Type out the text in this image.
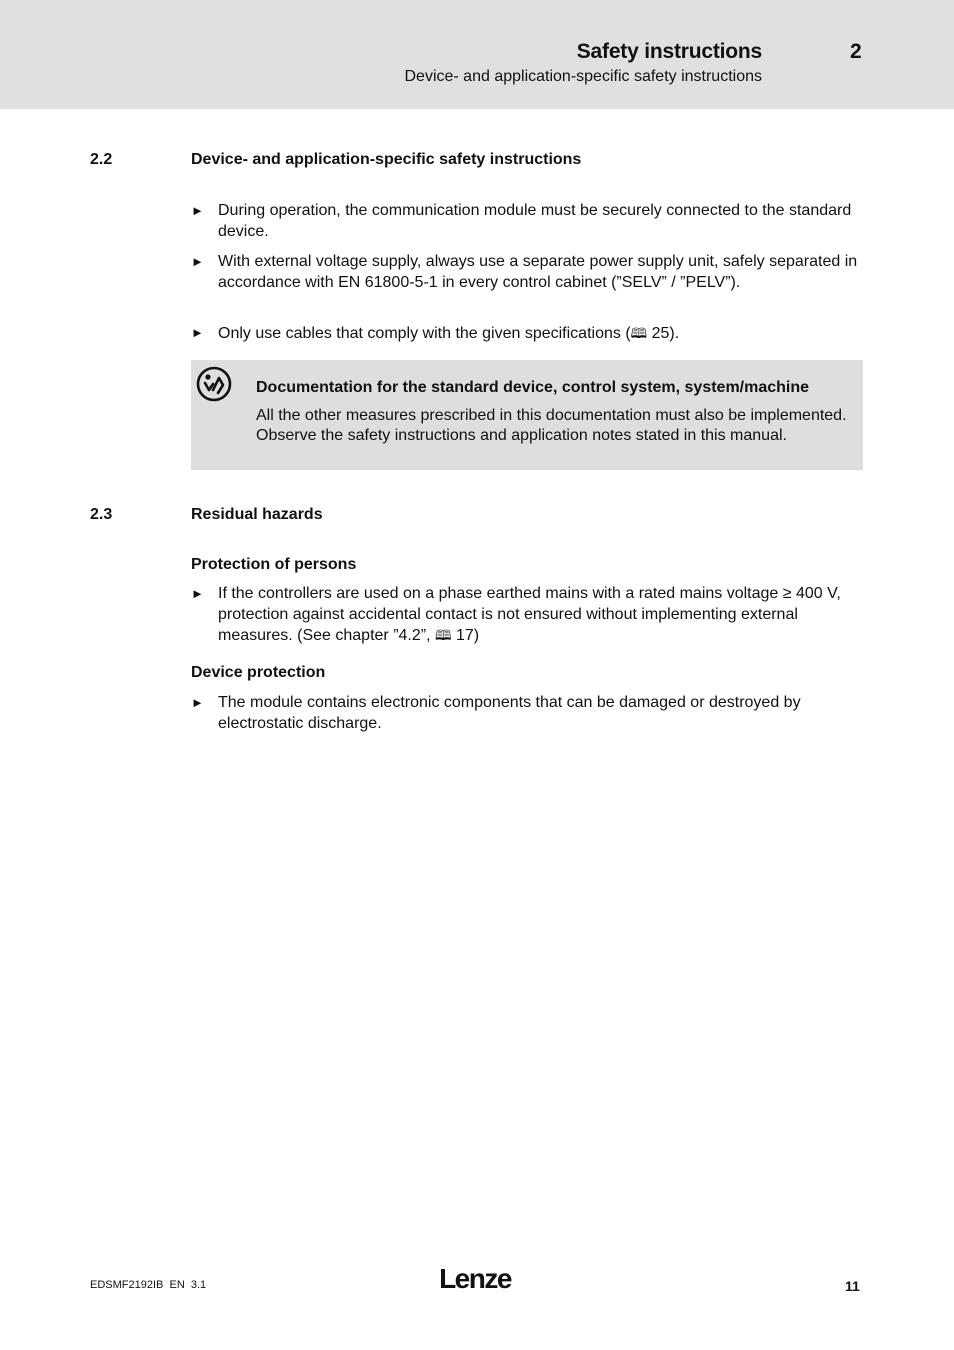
Safety instructions	2
Device- and application-specific safety instructions
2.2	Device- and application-specific safety instructions
► During operation, the communication module must be securely connected to the standard device.
► With external voltage supply, always use a separate power supply unit, safely separated in accordance with EN 61800-5-1 in every control cabinet (”SELV” / ”PELV”).
► Only use cables that comply with the given specifications (🕮 25).
Documentation for the standard device, control system, system/machine
All the other measures prescribed in this documentation must also be implemented. Observe the safety instructions and application notes stated in this manual.
2.3	Residual hazards
Protection of persons
► If the controllers are used on a phase earthed mains with a rated mains voltage ≥ 400 V, protection against accidental contact is not ensured without implementing external measures. (See chapter ”4.2”, 🕮 17)
Device protection
► The module contains electronic components that can be damaged or destroyed by electrostatic discharge.
EDSMF2192IB  EN  3.1	Lenze	11
